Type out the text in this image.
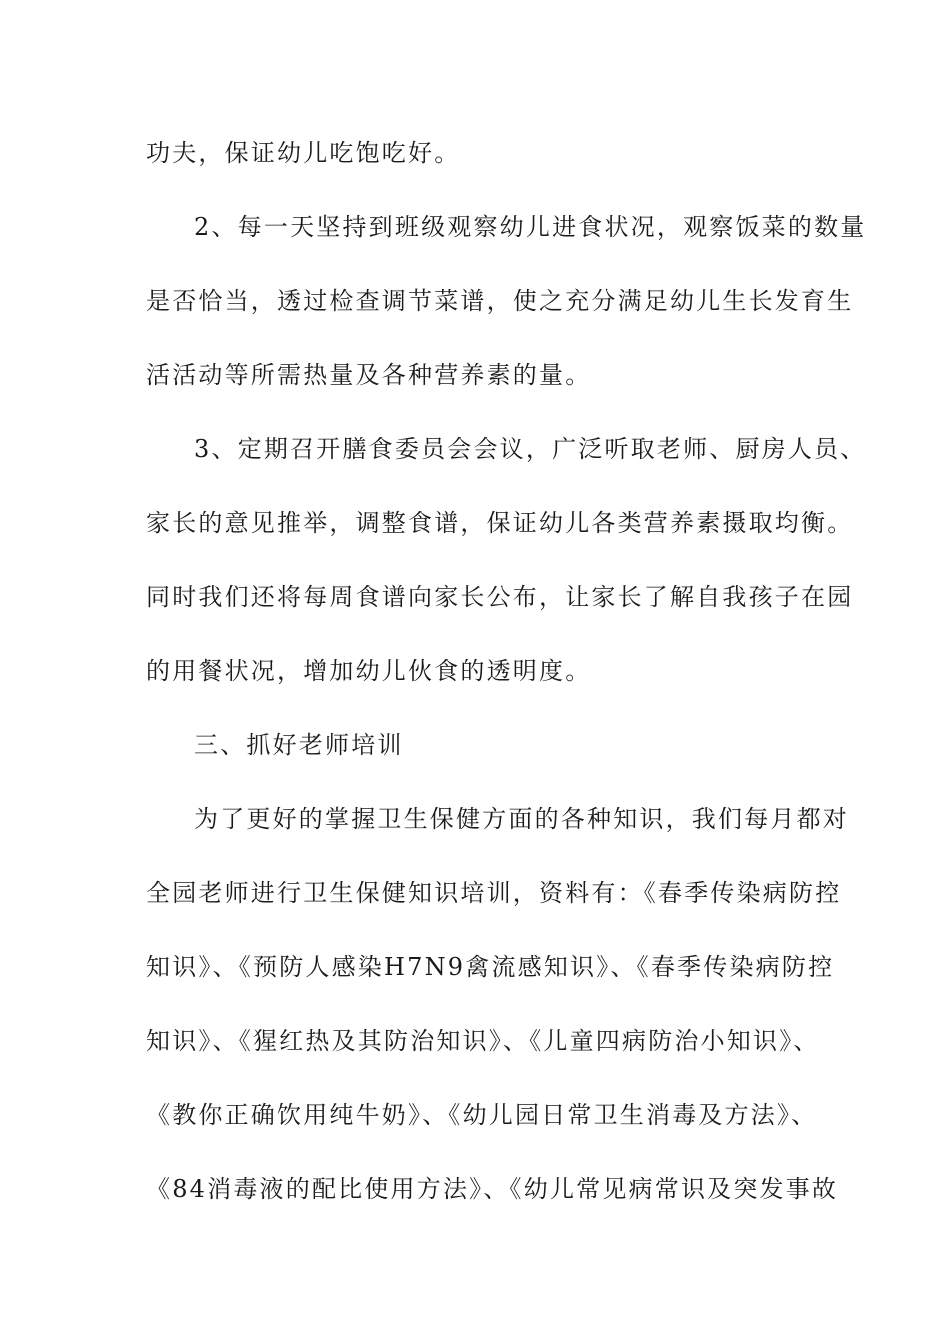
功夫，保证幼儿吃饱吃好。
2、每一天坚持到班级观察幼儿进食状况，观察饭菜的数量
是否恰当，透过检查调节菜谱，使之充分满足幼儿生长发育生
活活动等所需热量及各种营养素的量。
3、定期召开膳食委员会会议，广泛听取老师、厨房人员、
家长的意见推举，调整食谱，保证幼儿各类营养素摄取均衡。
同时我们还将每周食谱向家长公布，让家长了解自我孩子在园
的用餐状况，增加幼儿伙食的透明度。
三、抓好老师培训
为了更好的掌握卫生保健方面的各种知识，我们每月都对
全园老师进行卫生保健知识培训，资料有：《春季传染病防控
知识》、《预防人感染H7N9禽流感知识》、《春季传染病防控
知识》、《猩红热及其防治知识》、《儿童四病防治小知识》、
《教你正确饮用纯牛奶》、《幼儿园日常卫生消毒及方法》、
《84消毒液的配比使用方法》、《幼儿常见病常识及突发事故
